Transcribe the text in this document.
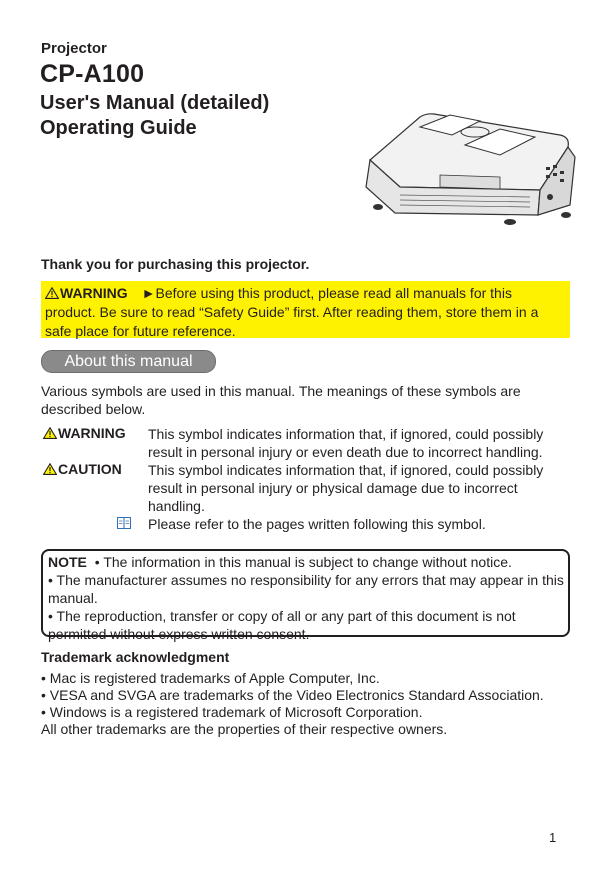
Projector
CP-A100
User's Manual (detailed)
Operating Guide
Thank you for purchasing this projector.
WARNING ►Before using this product, please read all manuals for this product. Be sure to read “Safety Guide” first. After reading them, store them in a safe place for future reference.
About this manual
Various symbols are used in this manual. The meanings of these symbols are described below.
WARNING This symbol indicates information that, if ignored, could possibly result in personal injury or even death due to incorrect handling.
CAUTION This symbol indicates information that, if ignored, could possibly result in personal injury or physical damage due to incorrect handling.
Please refer to the pages written following this symbol.
NOTE • The information in this manual is subject to change without notice.
• The manufacturer assumes no responsibility for any errors that may appear in this manual.
• The reproduction, transfer or copy of all or any part of this document is not permitted without express written consent.
Trademark acknowledgment
• Mac is registered trademarks of Apple Computer, Inc.
• VESA and SVGA are trademarks of the Video Electronics Standard Association.
• Windows is a registered trademark of Microsoft Corporation.
All other trademarks are the properties of their respective owners.
1
